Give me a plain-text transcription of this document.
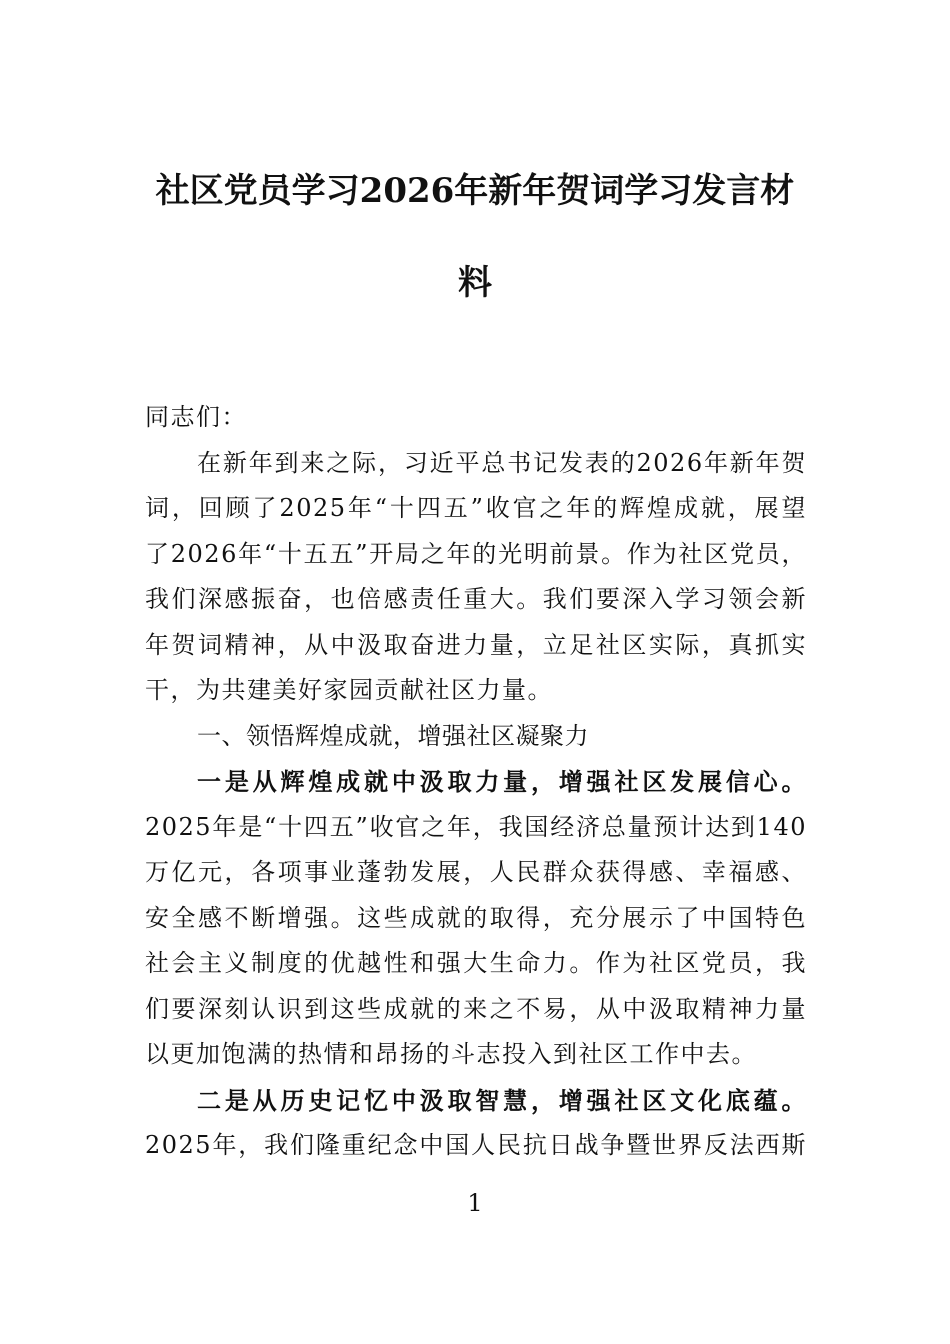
社区党员学习2026年新年贺词学习发言材
料
同志们：
在新年到来之际，习近平总书记发表的2026年新年贺
词，回顾了2025年“十四五”收官之年的辉煌成就，展望
了2026年“十五五”开局之年的光明前景。作为社区党员，
我们深感振奋，也倍感责任重大。我们要深入学习领会新
年贺词精神，从中汲取奋进力量，立足社区实际，真抓实
干，为共建美好家园贡献社区力量。
一、领悟辉煌成就，增强社区凝聚力
一是从辉煌成就中汲取力量，增强社区发展信心。
2025年是“十四五”收官之年，我国经济总量预计达到140
万亿元，各项事业蓬勃发展，人民群众获得感、幸福感、
安全感不断增强。这些成就的取得，充分展示了中国特色
社会主义制度的优越性和强大生命力。作为社区党员，我
们要深刻认识到这些成就的来之不易，从中汲取精神力量
以更加饱满的热情和昂扬的斗志投入到社区工作中去。
二是从历史记忆中汲取智慧，增强社区文化底蕴。
2025年，我们隆重纪念中国人民抗日战争暨世界反法西斯
1
